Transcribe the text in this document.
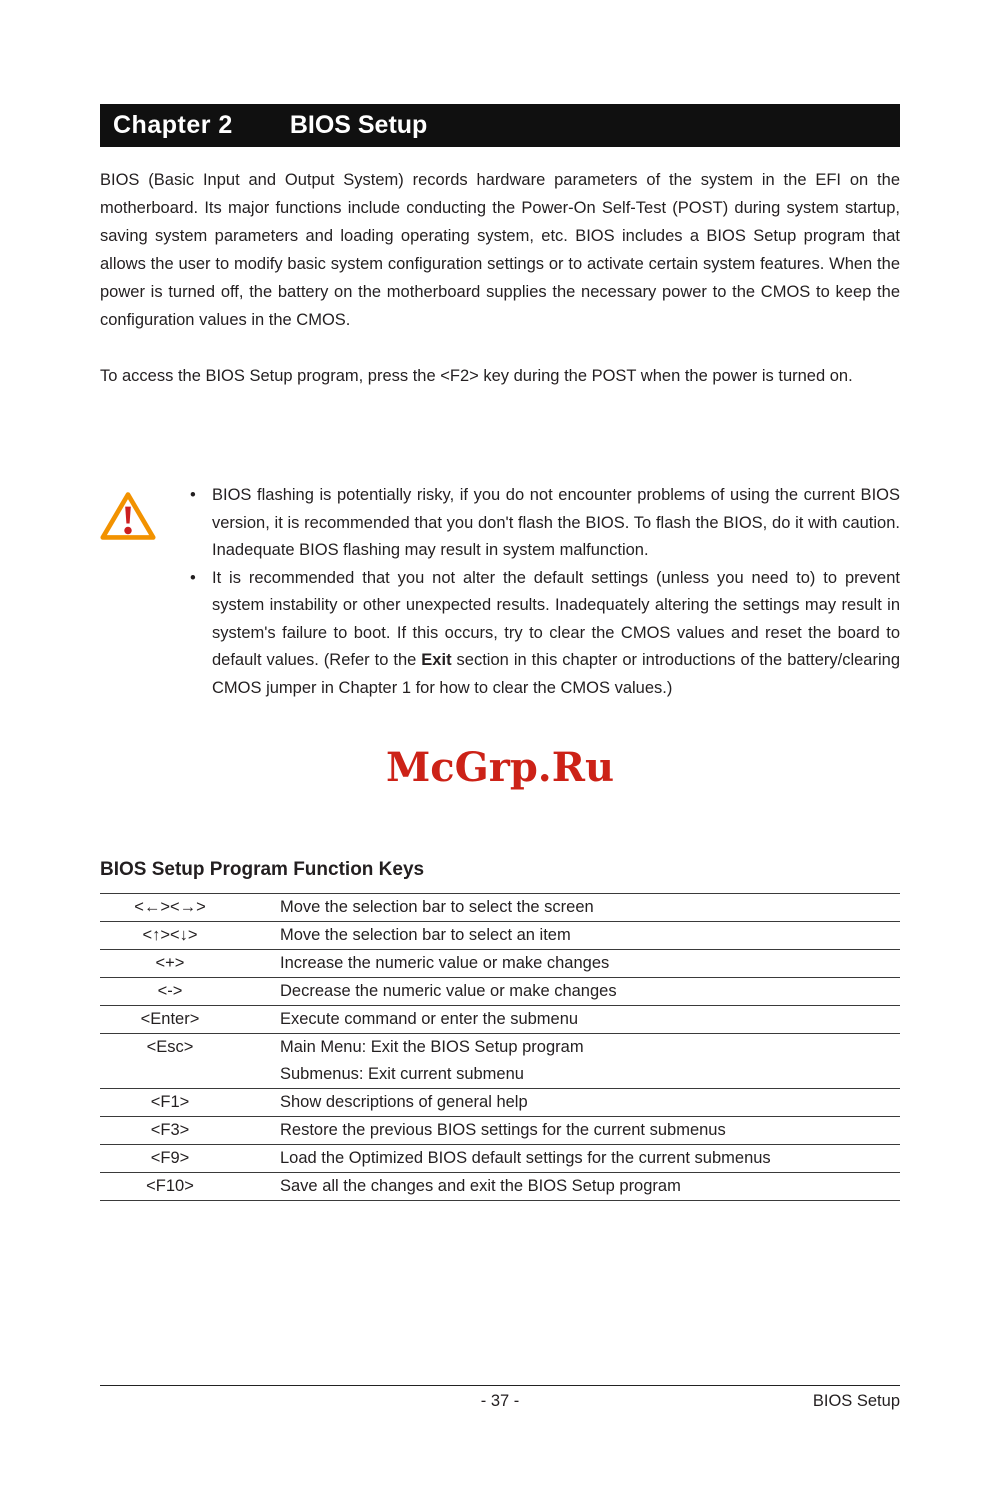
Chapter 2 BIOS Setup

BIOS (Basic Input and Output System) records hardware parameters of the system in the EFI on the motherboard. Its major functions include conducting the Power-On Self-Test (POST) during system startup, saving system parameters and loading operating system, etc. BIOS includes a BIOS Setup program that allows the user to modify basic system configuration settings or to activate certain system features. When the power is turned off, the battery on the motherboard supplies the necessary power to the CMOS to keep the configuration values in the CMOS.

To access the BIOS Setup program, press the <F2> key during the POST when the power is turned on.

• BIOS flashing is potentially risky, if you do not encounter problems of using the current BIOS version, it is recommended that you don't flash the BIOS. To flash the BIOS, do it with caution. Inadequate BIOS flashing may result in system malfunction.
• It is recommended that you not alter the default settings (unless you need to) to prevent system instability or other unexpected results. Inadequately altering the settings may result in system's failure to boot. If this occurs, try to clear the CMOS values and reset the board to default values. (Refer to the Exit section in this chapter or introductions of the battery/clearing CMOS jumper in Chapter 1 for how to clear the CMOS values.)
McGrp.Ru
BIOS Setup Program Function Keys
<←><→>	Move the selection bar to select the screen
<↑><↓>	Move the selection bar to select an item
<+>	Increase the numeric value or make changes
<->	Decrease the numeric value or make changes
<Enter>	Execute command or enter the submenu
<Esc>	Main Menu: Exit the BIOS Setup program
Submenus: Exit current submenu
<F1>	Show descriptions of general help
<F3>	Restore the previous BIOS settings for the current submenus
<F9>	Load the Optimized BIOS default settings for the current submenus
<F10>	Save all the changes and exit the BIOS Setup program
- 37 -	BIOS Setup
